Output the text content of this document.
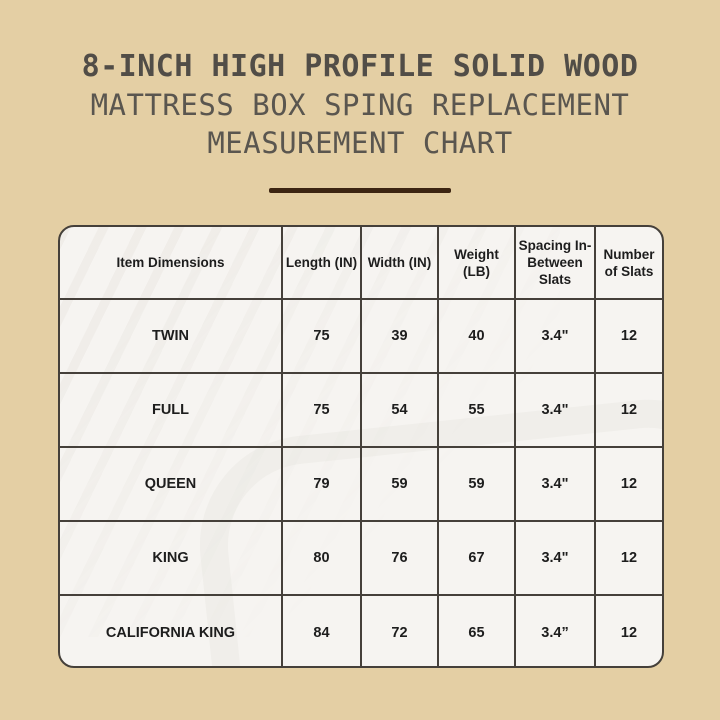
8-INCH HIGH PROFILE SOLID WOOD
MATTRESS BOX SPING REPLACEMENT
MEASUREMENT CHART
Item Dimensions	Length (IN)	Width (IN)	Weight (LB)	Spacing In-Between Slats	Number of Slats
TWIN	75	39	40	3.4"	12
FULL	75	54	55	3.4"	12
QUEEN	79	59	59	3.4"	12
KING	80	76	67	3.4"	12
CALIFORNIA KING	84	72	65	3.4”	12
